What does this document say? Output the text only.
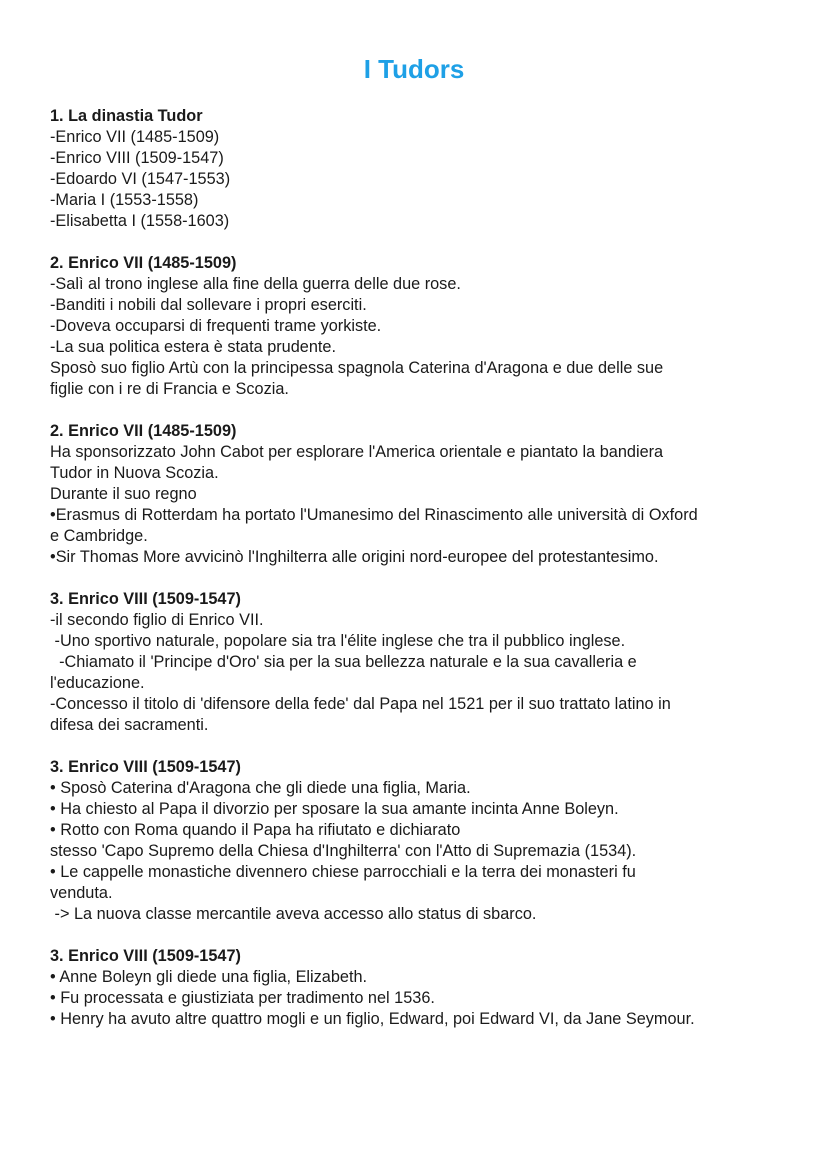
I Tudors

1. La dinastia Tudor

-Enrico VII (1485-1509)

-Enrico VIII (1509-1547)

-Edoardo VI (1547-1553)

-Maria I (1553-1558)

-Elisabetta I (1558-1603)

2. Enrico VII (1485-1509)

-Salì al trono inglese alla fine della guerra delle due rose.

-Banditi i nobili dal sollevare i propri eserciti.

-Doveva occuparsi di frequenti trame yorkiste.

-La sua politica estera è stata prudente.

Sposò suo figlio Artù con la principessa spagnola Caterina d'Aragona e due delle sue

figlie con i re di Francia e Scozia.

2. Enrico VII (1485-1509)

Ha sponsorizzato John Cabot per esplorare l'America orientale e piantato la bandiera

Tudor in Nuova Scozia.

Durante il suo regno

•Erasmus di Rotterdam ha portato l'Umanesimo del Rinascimento alle università di Oxford

e Cambridge.

•Sir Thomas More avvicinò l'Inghilterra alle origini nord-europee del protestantesimo.

3. Enrico VIII (1509-1547)

-il secondo figlio di Enrico VII.

-Uno sportivo naturale, popolare sia tra l'élite inglese che tra il pubblico inglese.

-Chiamato il 'Principe d'Oro' sia per la sua bellezza naturale e la sua cavalleria e

l'educazione.

-Concesso il titolo di 'difensore della fede' dal Papa nel 1521 per il suo trattato latino in

difesa dei sacramenti.

3. Enrico VIII (1509-1547)

• Sposò Caterina d'Aragona che gli diede una figlia, Maria.

• Ha chiesto al Papa il divorzio per sposare la sua amante incinta Anne Boleyn.

• Rotto con Roma quando il Papa ha rifiutato e dichiarato

stesso 'Capo Supremo della Chiesa d'Inghilterra' con l'Atto di Supremazia (1534).

• Le cappelle monastiche divennero chiese parrocchiali e la terra dei monasteri fu

venduta.

-> La nuova classe mercantile aveva accesso allo status di sbarco.

3. Enrico VIII (1509-1547)

• Anne Boleyn gli diede una figlia, Elizabeth.

• Fu processata e giustiziata per tradimento nel 1536.

• Henry ha avuto altre quattro mogli e un figlio, Edward, poi Edward VI, da Jane Seymour.
